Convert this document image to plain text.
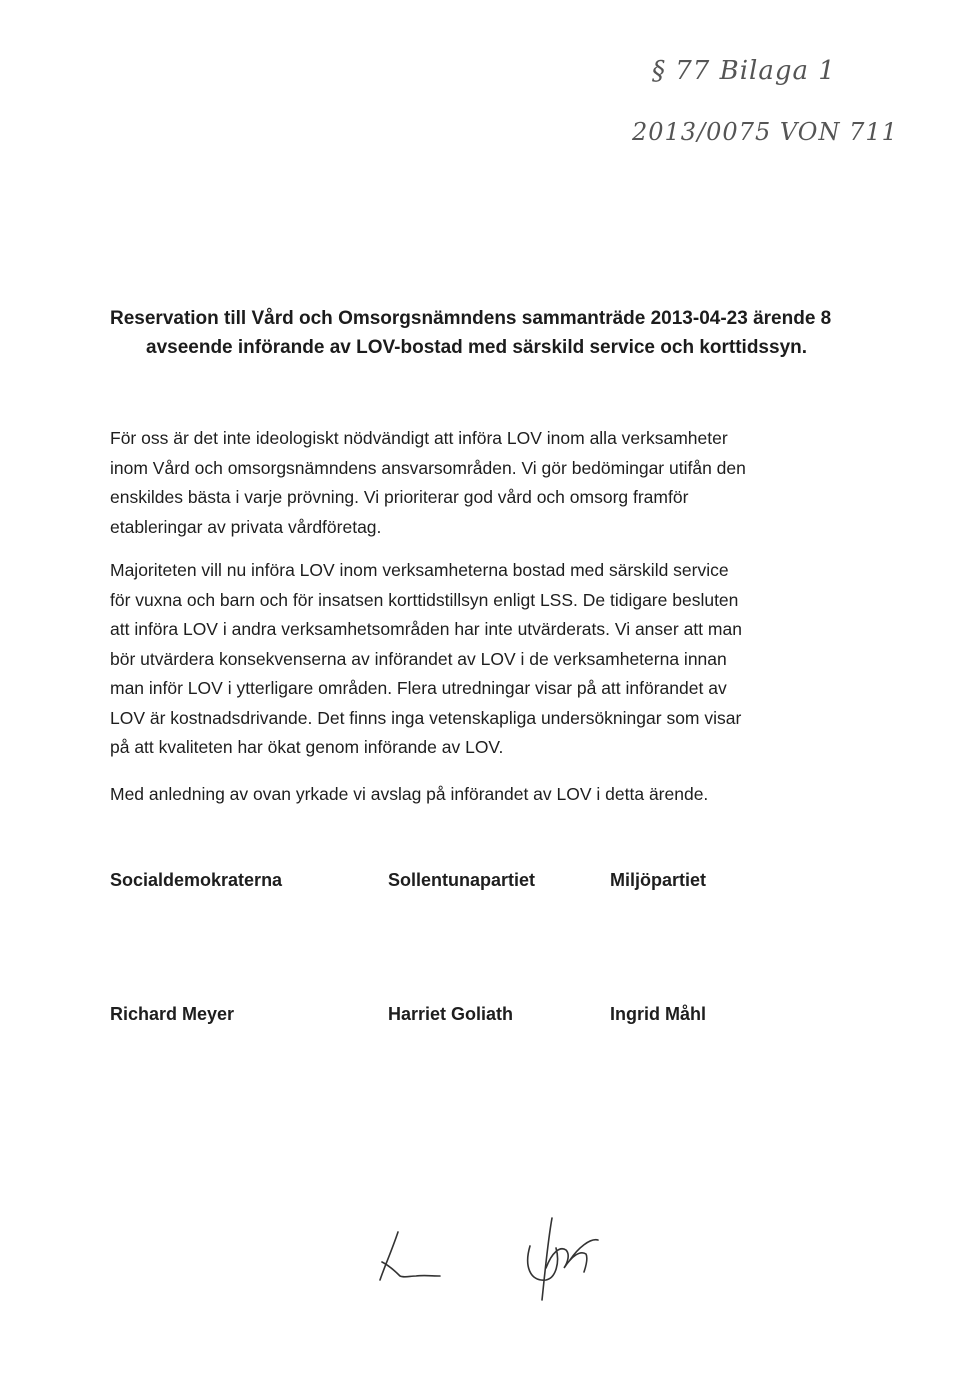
§ 77 Bilaga 1
2013/0075 VON 711
Reservation till Vård och Omsorgsnämndens sammanträde 2013-04-23 ärende 8
avseende införande av LOV-bostad med särskild service och korttidssyn.
För oss är det inte ideologiskt nödvändigt att införa LOV inom alla verksamheter
inom Vård och omsorgsnämndens ansvarsområden. Vi gör bedömingar utifån den
enskildes bästa i varje prövning. Vi prioriterar god vård och omsorg framför
etableringar av privata vårdföretag.
Majoriteten vill nu införa LOV inom verksamheterna bostad med särskild service
för vuxna och barn och för insatsen korttidstillsyn enligt LSS. De tidigare besluten
att införa LOV i andra verksamhetsområden har inte utvärderats. Vi anser att man
bör utvärdera konsekvenserna av införandet av LOV i de verksamheterna innan
man inför LOV i ytterligare områden. Flera utredningar visar på att införandet av
LOV är kostnadsdrivande. Det finns inga vetenskapliga undersökningar som visar
på att kvaliteten har ökat genom införande av LOV.
Med anledning av ovan yrkade vi avslag på införandet av LOV i detta ärende.
Socialdemokraterna	Sollentunapartiet	Miljöpartiet
Richard Meyer	Harriet Goliath	Ingrid Måhl
